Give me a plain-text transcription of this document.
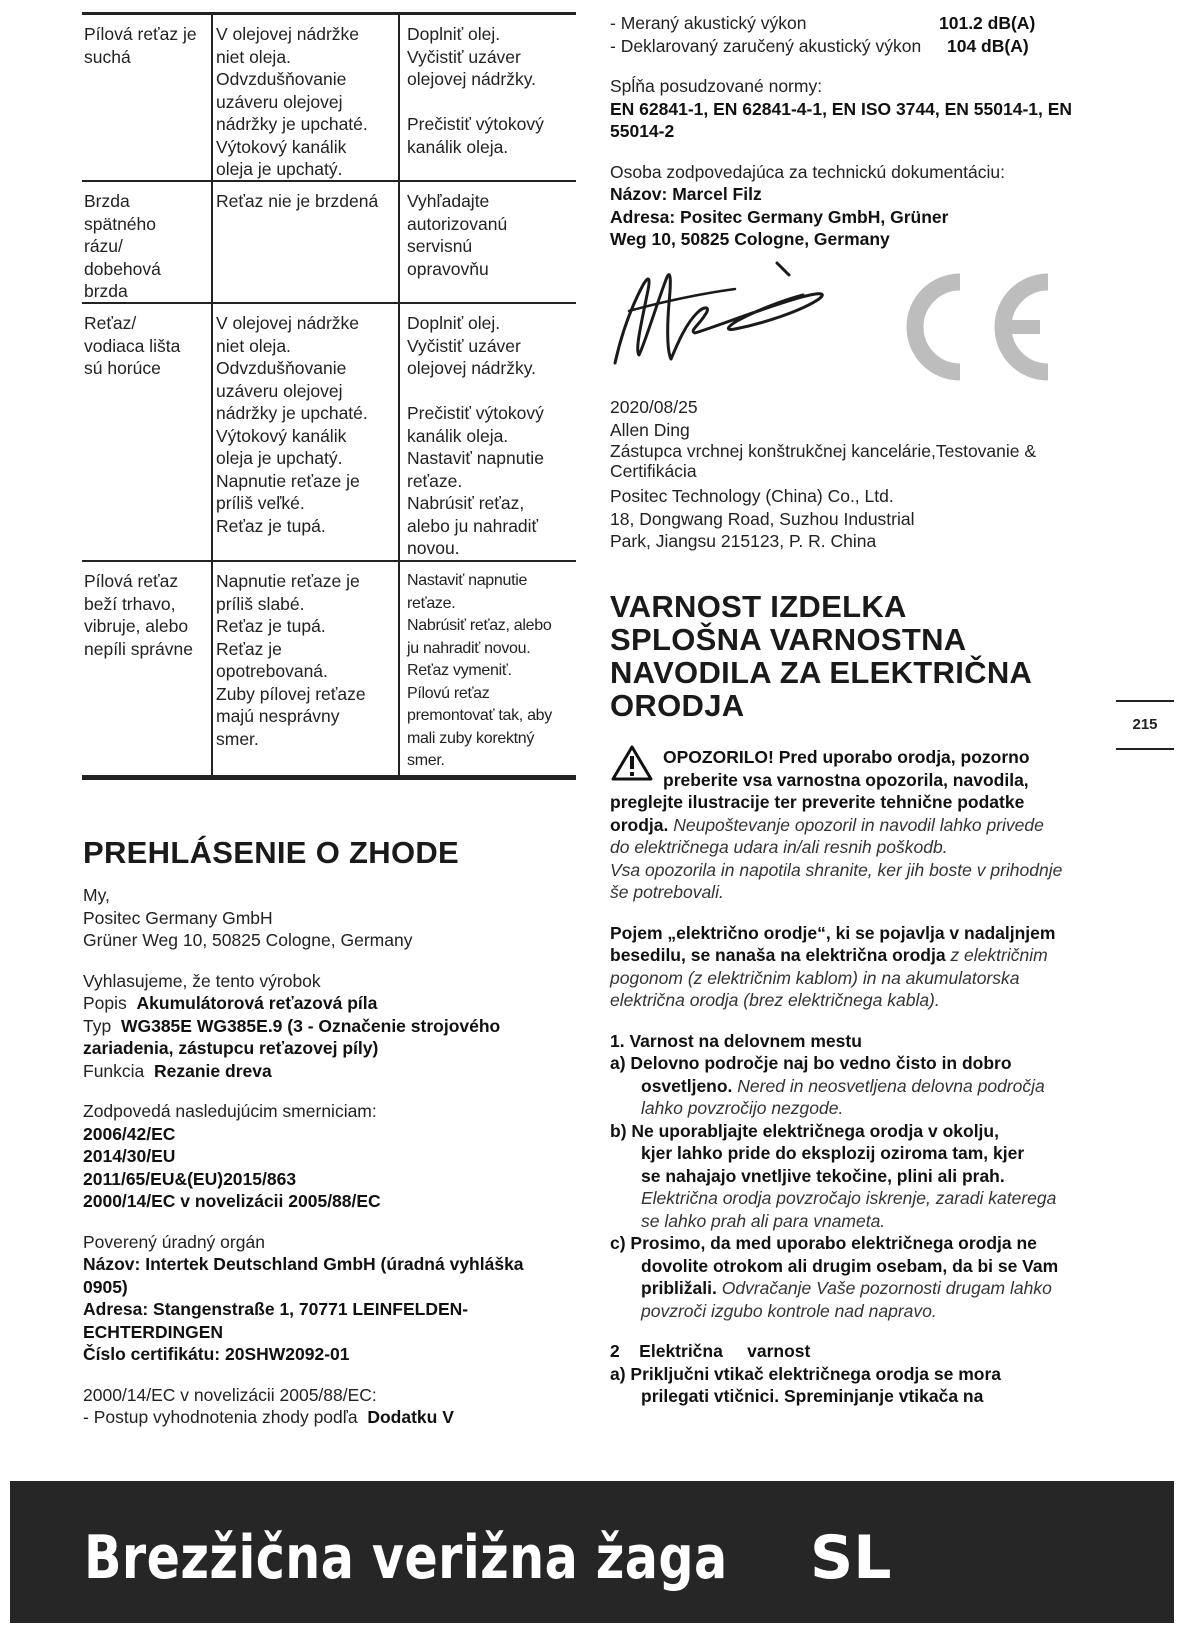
Pílová reťaz je
suchá
V olejovej nádržke
niet oleja.
Odvzdušňovanie
uzáveru olejovej
nádržky je upchaté.
Výtokový kanálik
oleja je upchatý.
Doplniť olej.
Vyčistiť uzáver
olejovej nádržky.
Prečistiť výtokový
kanálik oleja.
Brzda
spätného
rázu/
dobehová
brzda
Reťaz nie je brzdená	Vyhľadajte
autorizovanú
servisnú
opravovňu
Reťaz/
vodiaca lišta
sú horúce
V olejovej nádržke
niet oleja.
Odvzdušňovanie
uzáveru olejovej
nádržky je upchaté.
Výtokový kanálik
oleja je upchatý.
Napnutie reťaze je
príliš veľké.
Reťaz je tupá.
Doplniť olej.
Vyčistiť uzáver
olejovej nádržky.
Prečistiť výtokový
kanálik oleja.
Nastaviť napnutie
reťaze.
Nabrúsiť reťaz,
alebo ju nahradiť
novou.
Pílová reťaz
beží trhavo,
vibruje, alebo
nepíli správne
Napnutie reťaze je
príliš slabé.
Reťaz je tupá.
Reťaz je
opotrebovaná.
Zuby pílovej reťaze
majú nesprávny
smer.
Nastaviť napnutie
reťaze.
Nabrúsiť reťaz, alebo
ju nahradiť novou.
Reťaz vymeniť.
Pílovú reťaz
premontovať tak, aby
mali zuby korektný
smer.
PREHLÁSENIE O ZHODE

My,

Positec Germany GmbH

Grüner Weg 10, 50825 Cologne, Germany

Vyhlasujeme, že tento výrobok

Popis Akumulátorová reťazová píla

Typ WG385E WG385E.9 (3 - Označenie strojového

zariadenia, zástupcu reťazovej píly)

Funkcia Rezanie dreva

Zodpovedá nasledujúcim smerniciam:

2006/42/EC

2014/30/EU

2011/65/EU&(EU)2015/863

2000/14/EC v novelizácii 2005/88/EC

Poverený úradný orgán

Názov: Intertek Deutschland GmbH (úradná vyhláška

0905)

Adresa: Stangenstraße 1, 70771 LEINFELDEN-

ECHTERDINGEN

Číslo certifikátu: 20SHW2092-01

2000/14/EC v novelizácii 2005/88/EC:

- Postup vyhodnotenia zhody podľa Dodatku V

- Meraný akustický výkon	101.2 dB(A)
- Deklarovaný zaručený akustický výkon 104 dB(A)

Spĺňa posudzované normy:

EN 62841-1, EN 62841-4-1, EN ISO 3744, EN 55014-1, EN

55014-2

Osoba zodpovedajúca za technickú dokumentáciu:

Názov: Marcel Filz

Adresa: Positec Germany GmbH, Grüner

Weg 10, 50825 Cologne, Germany

2020/08/25

Allen Ding

Zástupca vrchnej konštrukčnej kancelárie,Testovanie &

Certifikácia

Positec Technology (China) Co., Ltd.

18, Dongwang Road, Suzhou Industrial

Park, Jiangsu 215123, P. R. China

VARNOST IZDELKA

SPLOŠNA VARNOSTNA

NAVODILA ZA ELEKTRIČNA

ORODJA

215

OPOZORILO! Pred uporabo orodja, pozorno

preberite vsa varnostna opozorila, navodila,

preglejte ilustracije ter preverite tehnične podatke

orodja. Neupoštevanje opozoril in navodil lahko privede

do električnega udara in/ali resnih poškodb.

Vsa opozorila in napotila shranite, ker jih boste v prihodnje

še potrebovali.

Pojem „električno orodje“, ki se pojavlja v nadaljnjem

besedilu, se nanaša na električna orodja z električnim

pogonom (z električnim kablom) in na akumulatorska

električna orodja (brez električnega kabla).

1. Varnost na delovnem mestu

a) Delovno področje naj bo vedno čisto in dobro

osvetljeno. Nered in neosvetljena delovna področja

lahko povzročijo nezgode.

b) Ne uporabljajte električnega orodja v okolju,

kjer lahko pride do eksplozij oziroma tam, kjer

se nahajajo vnetljive tekočine, plini ali prah.

Električna orodja povzročajo iskrenje, zaradi katerega

se lahko prah ali para vnameta.

c) Prosimo, da med uporabo električnega orodja ne

dovolite otrokom ali drugim osebam, da bi se Vam

približali. Odvračanje Vaše pozornosti drugam lahko

povzroči izgubo kontrole nad napravo.

2    Električna     varnost

a) Priključni vtikač električnega orodja se mora

prilegati vtičnici. Spreminjanje vtikača na

Brezžična verižna žaga SL
